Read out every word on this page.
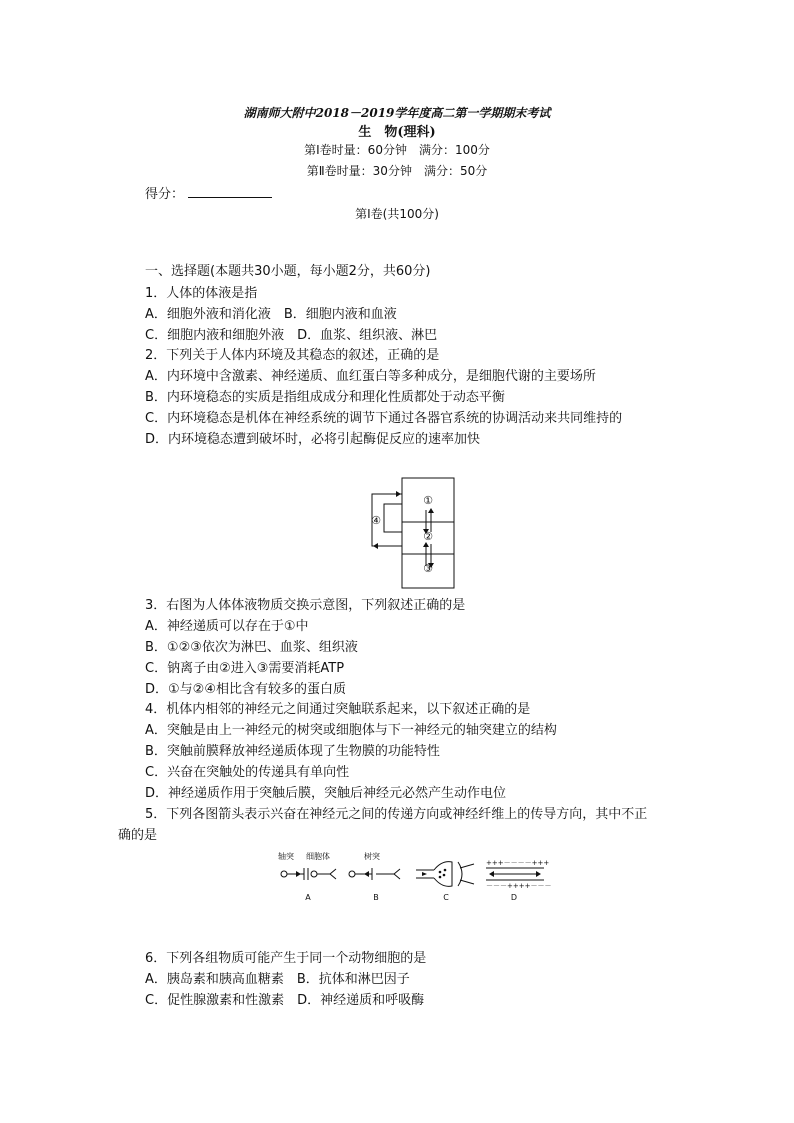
湖南师大附中2018－2019学年度高二第一学期期末考试
生　物(理科)
第Ⅰ卷时量：60分钟　满分：100分
第Ⅱ卷时量：30分钟　满分：50分
得分：
第Ⅰ卷(共100分)
一、选择题(本题共30小题，每小题2分，共60分)
1．人体的体液是指
A．细胞外液和消化液　B．细胞内液和血液
C．细胞内液和细胞外液　D．血浆、组织液、淋巴
2．下列关于人体内环境及其稳态的叙述，正确的是
A．内环境中含激素、神经递质、血红蛋白等多种成分，是细胞代谢的主要场所
B．内环境稳态的实质是指组成成分和理化性质都处于动态平衡
C．内环境稳态是机体在神经系统的调节下通过各器官系统的协调活动来共同维持的
D．内环境稳态遭到破坏时，必将引起酶促反应的速率加快
①
②
③
④
3．右图为人体体液物质交换示意图，下列叙述正确的是
A．神经递质可以存在于①中
B．①②③依次为淋巴、血浆、组织液
C．钠离子由②进入③需要消耗ATP
D．①与②④相比含有较多的蛋白质
4．机体内相邻的神经元之间通过突触联系起来，以下叙述正确的是
A．突触是由上一神经元的树突或细胞体与下一神经元的轴突建立的结构
B．突触前膜释放神经递质体现了生物膜的功能特性
C．兴奋在突触处的传递具有单向性
D．神经递质作用于突触后膜，突触后神经元必然产生动作电位
5．下列各图箭头表示兴奋在神经元之间的传递方向或神经纤维上的传导方向，其中不正
确的是
轴突 细胞体	树突
+++－－－－+++
－－－++++－－－
A	B	C	D
6．下列各组物质可能产生于同一个动物细胞的是
A．胰岛素和胰高血糖素　B．抗体和淋巴因子
C．促性腺激素和性激素　D．神经递质和呼吸酶
